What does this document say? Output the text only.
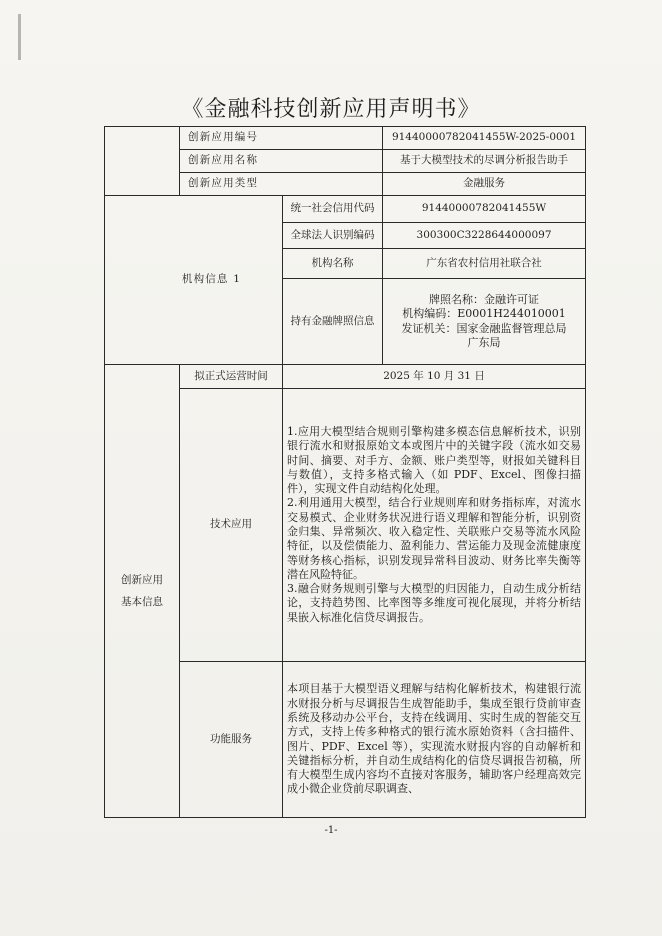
《金融科技创新应用声明书》
	创新应用编号		91440000782041455W-2025-0001
	创新应用名称		基于大模型技术的尽调分析报告助手
	创新应用类型		金融服务
机构信息 1		统一社会信用代码	91440000782041455W
		全球法人识别编码	300300C3228644000097
		机构名称	广东省农村信用社联合社
		持有金融牌照信息	牌照名称：金融许可证
机构编码：E0001H244010001
发证机关：国家金融监督管理总局
广东局

创新应用
基本信息	拟正式运营时间	2025 年 10 月 31 日	
	技术应用	1.应用大模型结合规则引擎构建多模态信息解析技术，识别银行流水和财报原始文本或图片中的关键字段（流水如交易时间、摘要、对手方、金额、账户类型等，财报如关键科目与数值），支持多格式输入（如 PDF、Excel、图像扫描件），实现文件自动结构化处理。
2.利用通用大模型，结合行业规则库和财务指标库，对流水交易模式、企业财务状况进行语义理解和智能分析，识别资金归集、异常频次、收入稳定性、关联账户交易等流水风险特征，以及偿债能力、盈利能力、营运能力及现金流健康度等财务核心指标，识别发现异常科目波动、财务比率失衡等潜在风险特征。
3.融合财务规则引擎与大模型的归因能力，自动生成分析结论，支持趋势图、比率图等多维度可视化展现，并将分析结果嵌入标准化信贷尽调报告。	

	功能服务	本项目基于大模型语义理解与结构化解析技术，构建银行流水财报分析与尽调报告生成智能助手，集成至银行贷前审查系统及移动办公平台，支持在线调用、实时生成的智能交互方式，支持上传多种格式的银行流水原始资料（含扫描件、图片、PDF、Excel 等），实现流水财报内容的自动解析和关键指标分析，并自动生成结构化的信贷尽调报告初稿，所有大模型生成内容均不直接对客服务，辅助客户经理高效完成小微企业贷前尽职调查、	
-1-
